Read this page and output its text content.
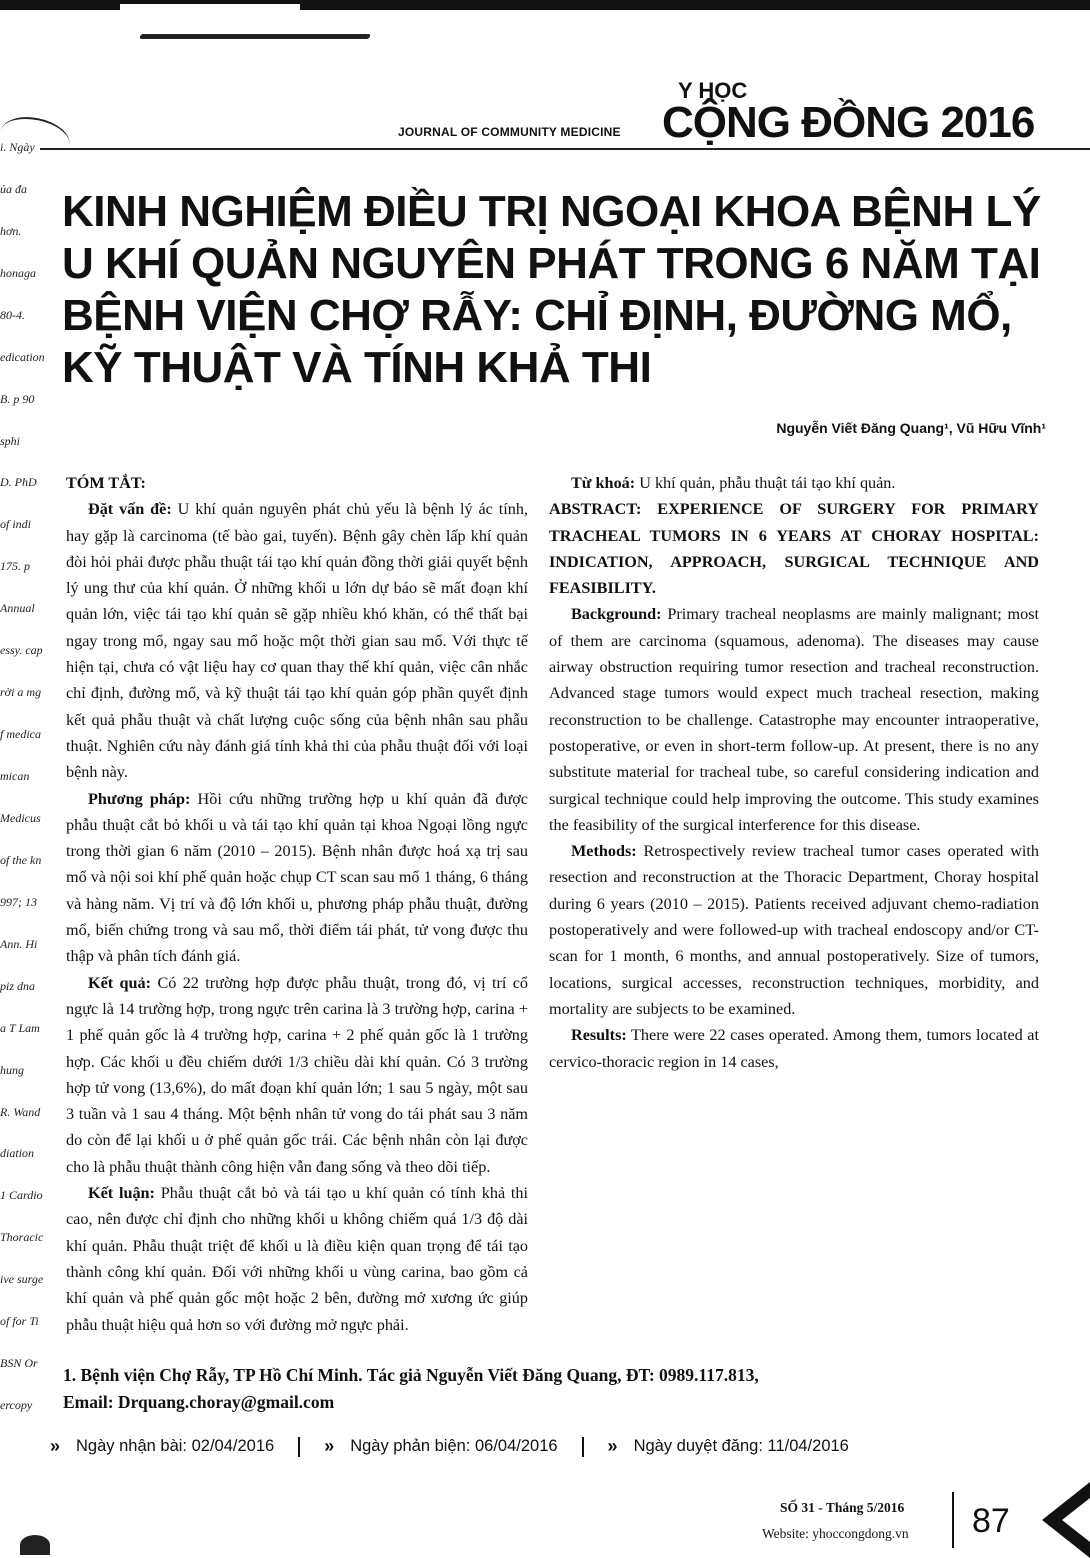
i. Ngày
ủa đa
hơn.
honaga
80-4.
edication
B. p 90
sphi
D. PhD
of indi
175. p
Annual
essy. cap
rời a mg
f medica
mican
Medicus
of the kn
997; 13
Ann. Hi
piz dna
a T Lam
hung
R. Wand
diation
1 Cardio
Thoracic
ive surge
of for Ti
BSN Or
ercopy
JOURNAL OF COMMUNITY MEDICINE
Y HỌC
CỘNG ĐỒNG 2016
KINH NGHIỆM ĐIỀU TRỊ NGOẠI KHOA BỆNH LÝ U KHÍ QUẢN NGUYÊN PHÁT TRONG 6 NĂM TẠI BỆNH VIỆN CHỢ RẪY: CHỈ ĐỊNH, ĐƯỜNG MỔ, KỸ THUẬT VÀ TÍNH KHẢ THI
Nguyễn Viết Đăng Quang¹, Vũ Hữu Vĩnh¹

TÓM TẮT:

Đặt vấn đề: U khí quản nguyên phát chủ yếu là bệnh lý ác tính, hay gặp là carcinoma (tế bào gai, tuyến). Bệnh gây chèn lấp khí quản đòi hỏi phải được phẫu thuật tái tạo khí quản đồng thời giải quyết bệnh lý ung thư của khí quản. Ở những khối u lớn dự báo sẽ mất đoạn khí quản lớn, việc tái tạo khí quản sẽ gặp nhiều khó khăn, có thể thất bại ngay trong mổ, ngay sau mổ hoặc một thời gian sau mổ. Với thực tế hiện tại, chưa có vật liệu hay cơ quan thay thế khí quản, việc cân nhắc chỉ định, đường mổ, và kỹ thuật tái tạo khí quản góp phần quyết định kết quả phẫu thuật và chất lượng cuộc sống của bệnh nhân sau phẫu thuật. Nghiên cứu này đánh giá tính khả thi của phẫu thuật đối với loại bệnh này.

Phương pháp: Hồi cứu những trường hợp u khí quản đã được phẫu thuật cắt bỏ khối u và tái tạo khí quản tại khoa Ngoại lồng ngực trong thời gian 6 năm (2010 – 2015). Bệnh nhân được hoá xạ trị sau mổ và nội soi khí phế quản hoặc chụp CT scan sau mổ 1 tháng, 6 tháng và hàng năm. Vị trí và độ lớn khối u, phương pháp phẫu thuật, đường mổ, biến chứng trong và sau mổ, thời điểm tái phát, tử vong được thu thập và phân tích đánh giá.

Kết quả: Có 22 trường hợp được phẫu thuật, trong đó, vị trí cổ ngực là 14 trường hợp, trong ngực trên carina là 3 trường hợp, carina + 1 phế quản gốc là 4 trường hợp, carina + 2 phế quản gốc là 1 trường hợp. Các khối u đều chiếm dưới 1/3 chiều dài khí quản. Có 3 trường hợp tử vong (13,6%), do mất đoạn khí quản lớn; 1 sau 5 ngày, một sau 3 tuần và 1 sau 4 tháng. Một bệnh nhân tử vong do tái phát sau 3 năm do còn để lại khối u ở phế quản gốc trái. Các bệnh nhân còn lại được cho là phẫu thuật thành công hiện vẫn đang sống và theo dõi tiếp.

Kết luận: Phẫu thuật cắt bỏ và tái tạo u khí quản có tính khả thi cao, nên được chỉ định cho những khối u không chiếm quá 1/3 độ dài khí quản. Phẫu thuật triệt để khối u là điều kiện quan trọng để tái tạo thành công khí quản. Đối với những khối u vùng carina, bao gồm cả khí quản và phế quản gốc một hoặc 2 bên, đường mở xương ức giúp phẫu thuật hiệu quả hơn so với đường mở ngực phải.

Từ khoá: U khí quản, phẫu thuật tái tạo khí quản.

ABSTRACT: EXPERIENCE OF SURGERY FOR PRIMARY TRACHEAL TUMORS IN 6 YEARS AT CHORAY HOSPITAL: INDICATION, APPROACH, SURGICAL TECHNIQUE AND FEASIBILITY.

Background: Primary tracheal neoplasms are mainly malignant; most of them are carcinoma (squamous, adenoma). The diseases may cause airway obstruction requiring tumor resection and tracheal reconstruction. Advanced stage tumors would expect much tracheal resection, making reconstruction to be challenge. Catastrophe may encounter intraoperative, postoperative, or even in short-term follow-up. At present, there is no any substitute material for tracheal tube, so careful considering indication and surgical technique could help improving the outcome. This study examines the feasibility of the surgical interference for this disease.

Methods: Retrospectively review tracheal tumor cases operated with resection and reconstruction at the Thoracic Department, Choray hospital during 6 years (2010 – 2015). Patients received adjuvant chemo-radiation postoperatively and were followed-up with tracheal endoscopy and/or CT-scan for 1 month, 6 months, and annual postoperatively. Size of tumors, locations, surgical accesses, reconstruction techniques, morbidity, and mortality are subjects to be examined.

Results: There were 22 cases operated. Among them, tumors located at cervico-thoracic region in 14 cases,

1. Bệnh viện Chợ Rẫy, TP Hồ Chí Minh. Tác giả Nguyễn Viết Đăng Quang, ĐT: 0989.117.813,
Email: Drquang.choray@gmail.com
» Ngày nhận bài: 02/04/2016	» Ngày phản biện: 06/04/2016	» Ngày duyệt đăng: 11/04/2016
SỐ 31 - Tháng 5/2016
Website: yhoccongdong.vn 87
